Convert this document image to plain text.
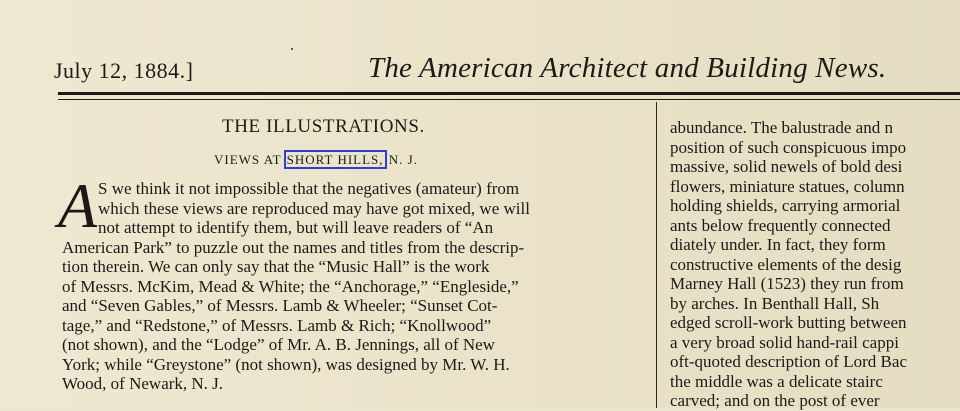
July 12, 1884.]	The American Architect and Building News.
THE ILLUSTRATIONS.
VIEWS AT SHORT HILLS, N. J.
A S we think it not impossible that the negatives (amateur) from
which these views are reproduced may have got mixed, we will
not attempt to identify them, but will leave readers of “An
American Park” to puzzle out the names and titles from the descrip-
tion therein. We can only say that the “Music Hall” is the work
of Messrs. McKim, Mead & White; the “Anchorage,” “Engleside,”
and “Seven Gables,” of Messrs. Lamb & Wheeler; “Sunset Cot-
tage,” and “Redstone,” of Messrs. Lamb & Rich; “Knollwood”
(not shown), and the “Lodge” of Mr. A. B. Jennings, all of New
York; while “Greystone” (not shown), was designed by Mr. W. H.
Wood, of Newark, N. J.
abundance. The balustrade and n
position of such conspicuous impo
massive, solid newels of bold desi
flowers, miniature statues, column
holding shields, carrying armorial
ants below frequently connected
diately under. In fact, they form
constructive elements of the desig
Marney Hall (1523) they run from
by arches. In Benthall Hall, Sh
edged scroll-work butting between
a very broad solid hand-rail cappi
oft-quoted description of Lord Bac
the middle was a delicate stairc
carved; and on the post of ever
